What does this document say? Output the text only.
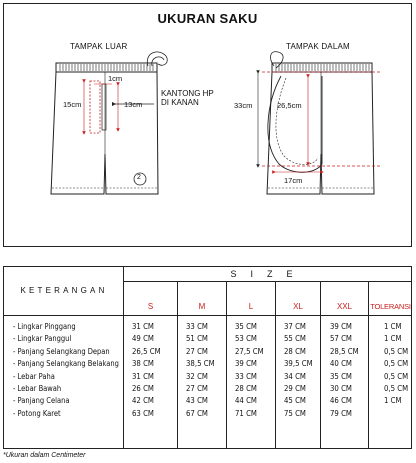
UKURAN SAKU
TAMPAK LUAR	TAMPAK DALAM
1cm
15cm	13cm
KANTONG HP
DI KANAN
2
33cm	26,5cm
17cm
KETERANGAN
SIZE
S	M	L	XL	XXL	TOLERANSI
- Lingkar Pinggang	31 CM	33 CM	35 CM	37 CM	39 CM	1 CM
- Lingkar Panggul	49 CM	51 CM	53 CM	55 CM	57 CM	1 CM
- Panjang Selangkang Depan	26,5 CM	27 CM	27,5 CM 28 CM	28,5 CM	0,5 CM
- Panjang Selangkang Belakang 38 CM	38,5 CM 39 CM	39,5 CM 40 CM	0,5 CM
- Lebar Paha	31 CM	32 CM	33 CM	34 CM	35 CM	0,5 CM
- Lebar Bawah	26 CM	27 CM	28 CM	29 CM	30 CM	0,5 CM
- Panjang Celana	42 CM	43 CM	44 CM	45 CM	46 CM	1 CM
- Potong Karet	63 CM	67 CM	71 CM	75 CM	79 CM
*Ukuran dalam Centimeter
